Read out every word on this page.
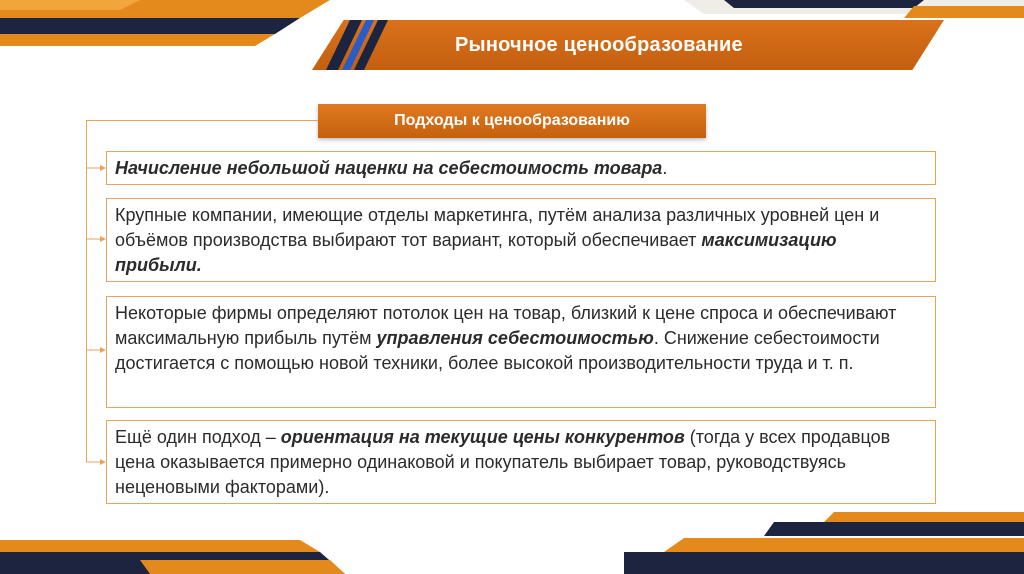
Рыночное ценообразование
Подходы к ценообразованию
Начисление небольшой наценки на себестоимость товара.
Крупные компании, имеющие отделы маркетинга, путём анализа различных уровней цен и объёмов производства выбирают тот вариант, который обеспечивает максимизацию прибыли.
Некоторые фирмы определяют потолок цен на товар, близкий к цене спроса и обеспечивают максимальную прибыль путём управления себестоимостью. Снижение себестоимости достигается с помощью новой техники, более высокой производительности труда и т. п.
Ещё один подход – ориентация на текущие цены конкурентов (тогда у всех продавцов цена оказывается примерно одинаковой и покупатель выбирает товар, руководствуясь неценовыми факторами).
Хамидуллин Б.И._https://vk.com/ege_oge_obshestv
